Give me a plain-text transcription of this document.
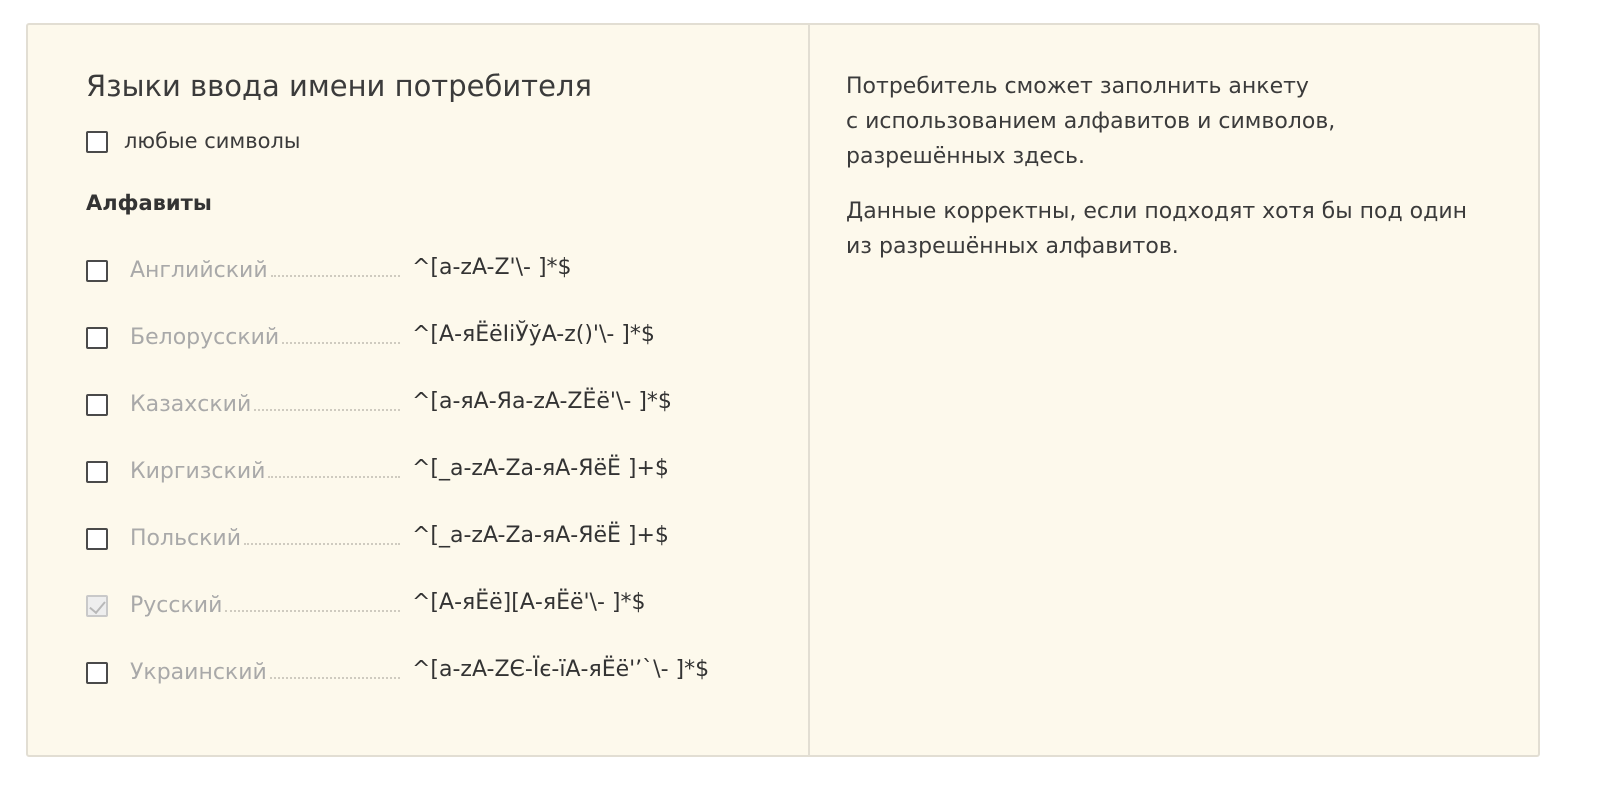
Языки ввода имени потребителя
любые символы
Алфавиты
Английский	^[a-zA-Z'\- ]*$
Белорусский	^[А-яЁёІіЎўA-z()'\- ]*$
Казахский	^[а-яА-Яa-zA-ZЁё'\- ]*$
Киргизский	^[_a-zA-Zа-яА-ЯёЁ ]+$
Польский	^[_a-zA-Zа-яА-ЯёЁ ]+$
Русский	^[А-яЁё][А-яЁё'\- ]*$
Украинский	^[a-zA-ZЄ-Їє-їА-яЁё'’`\- ]*$

Потребитель сможет заполнить анкету
с использованием алфавитов и символов,
разрешённых здесь.

Данные корректны, если подходят хотя бы под один
из разрешённых алфавитов.
